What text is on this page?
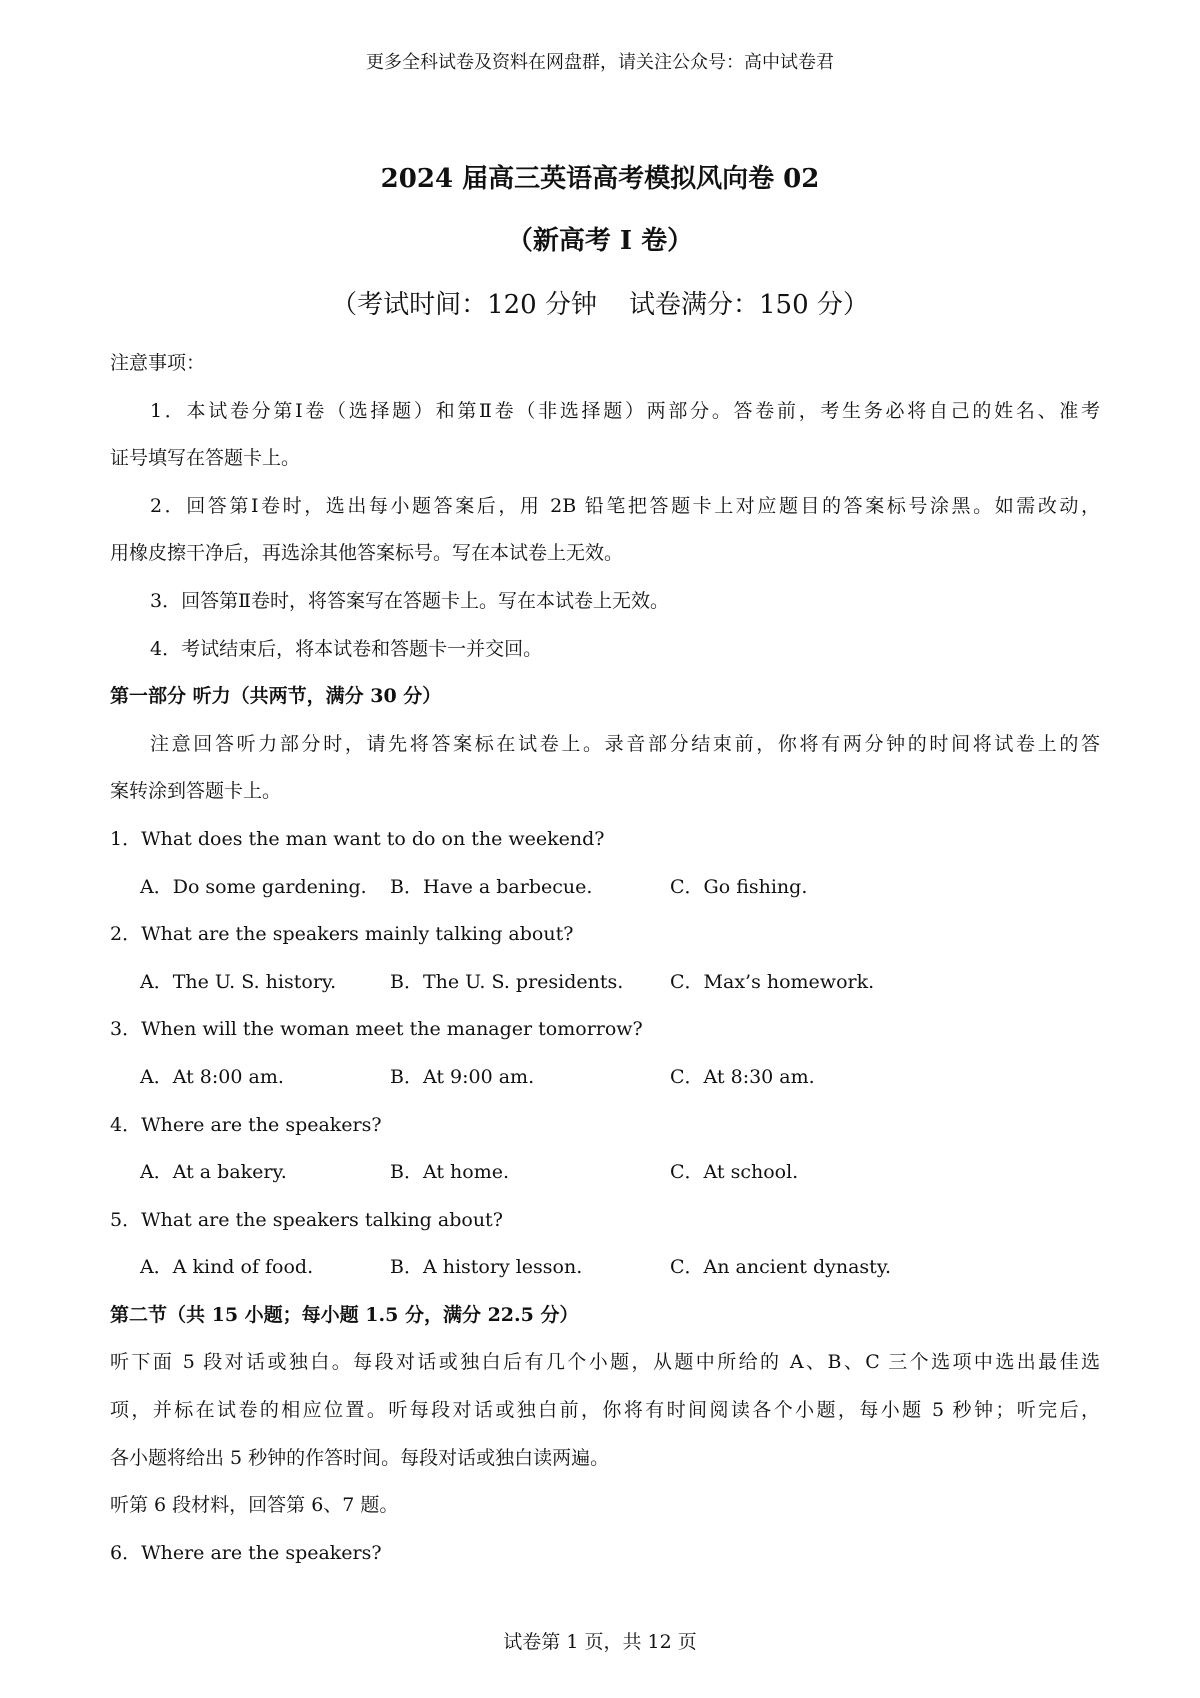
更多全科试卷及资料在网盘群，请关注公众号：高中试卷君
2024 届高三英语高考模拟风向卷 02
（新高考 I 卷）
（考试时间：120 分钟 试卷满分：150 分）
注意事项：
1．本试卷分第Ⅰ卷（选择题）和第Ⅱ卷（非选择题）两部分。答卷前，考生务必将自己的姓名、准考
证号填写在答题卡上。
2．回答第Ⅰ卷时，选出每小题答案后，用 2B 铅笔把答题卡上对应题目的答案标号涂黑。如需改动，
用橡皮擦干净后，再选涂其他答案标号。写在本试卷上无效。
3．回答第Ⅱ卷时，将答案写在答题卡上。写在本试卷上无效。
4．考试结束后，将本试卷和答题卡一并交回。
第一部分 听力（共两节，满分 30 分）
注意回答听力部分时，请先将答案标在试卷上。录音部分结束前，你将有两分钟的时间将试卷上的答
案转涂到答题卡上。
1．What does the man want to do on the weekend?
A．Do some gardening.	B．Have a barbecue.	C．Go fishing.
2．What are the speakers mainly talking about?
A．The U. S. history.	B．The U. S. presidents.	C．Max’s homework.
3．When will the woman meet the manager tomorrow?
A．At 8:00 am.	B．At 9:00 am.	C．At 8:30 am.
4．Where are the speakers?
A．At a bakery.	B．At home.	C．At school.
5．What are the speakers talking about?
A．A kind of food.	B．A history lesson.	C．An ancient dynasty.
第二节（共 15 小题；每小题 1.5 分，满分 22.5 分）
听下面 5 段对话或独白。每段对话或独白后有几个小题，从题中所给的 A、B、C 三个选项中选出最佳选
项，并标在试卷的相应位置。听每段对话或独白前，你将有时间阅读各个小题，每小题 5 秒钟；听完后，
各小题将给出 5 秒钟的作答时间。每段对话或独白读两遍。
听第 6 段材料，回答第 6、7 题。
6．Where are the speakers?
试卷第 1 页，共 12 页
